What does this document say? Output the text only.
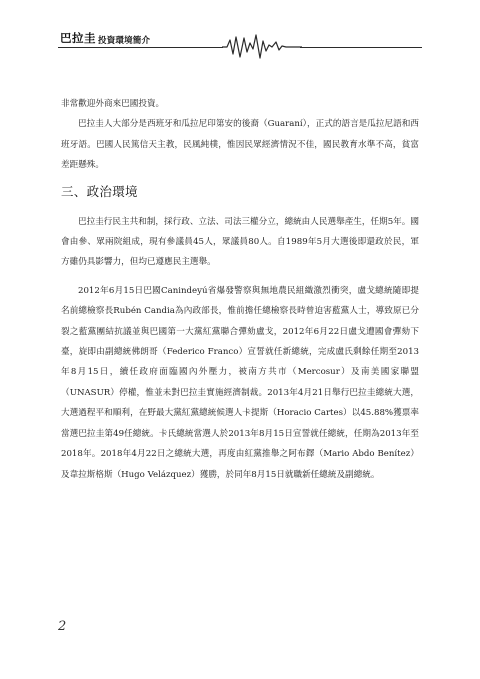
巴拉圭 投資環境簡介

非常歡迎外商來巴國投資。

巴拉圭人大部分是西班牙和瓜拉尼印第安的後裔（Guaraní），正式的語言是瓜拉尼語和西班牙語。巴國人民篤信天主教，民風純樸，惟因民眾經濟情況不佳，國民教育水準不高，貧富差距懸殊。

三、政治環境

巴拉圭行民主共和制，採行政、立法、司法三權分立，總統由人民選舉產生，任期5年。國會由參、眾兩院組成，現有參議員45人，眾議員80人。自1989年5月大選後即還政於民，軍方雖仍具影響力，但均已遵應民主選舉。

2012年6月15日巴國Canindeyú省爆發警察與無地農民組織激烈衝突，盧戈總統隨即提名前總檢察長Rubén Candia為內政部長，惟前擔任總檢察長時曾迫害藍黨人士，導致原已分裂之藍黨團結抗議並與巴國第一大黨紅黨聯合彈劾盧戈，2012年6月22日盧戈遭國會彈劾下臺，旋即由副總統佛朗哥（Federico Franco）宣誓就任新總統，完成盧氏剩餘任期至2013年8月15日，續任政府面臨國內外壓力，被南方共市（Mercosur）及南美國家聯盟（UNASUR）停權，惟並未對巴拉圭實施經濟制裁。2013年4月21日舉行巴拉圭總統大選，大選過程平和順利，在野最大黨紅黨總統候選人卡提斯（Horacio Cartes）以45.88%獲票率當選巴拉圭第49任總統。卡氏總統當選人於2013年8月15日宣誓就任總統，任期為2013年至2018年。2018年4月22日之總統大選，再度由紅黨推舉之阿布鐸（Mario Abdo Benítez）及韋拉斯格斯（Hugo Velázquez）獲勝，於同年8月15日就職新任總統及副總統。

2
